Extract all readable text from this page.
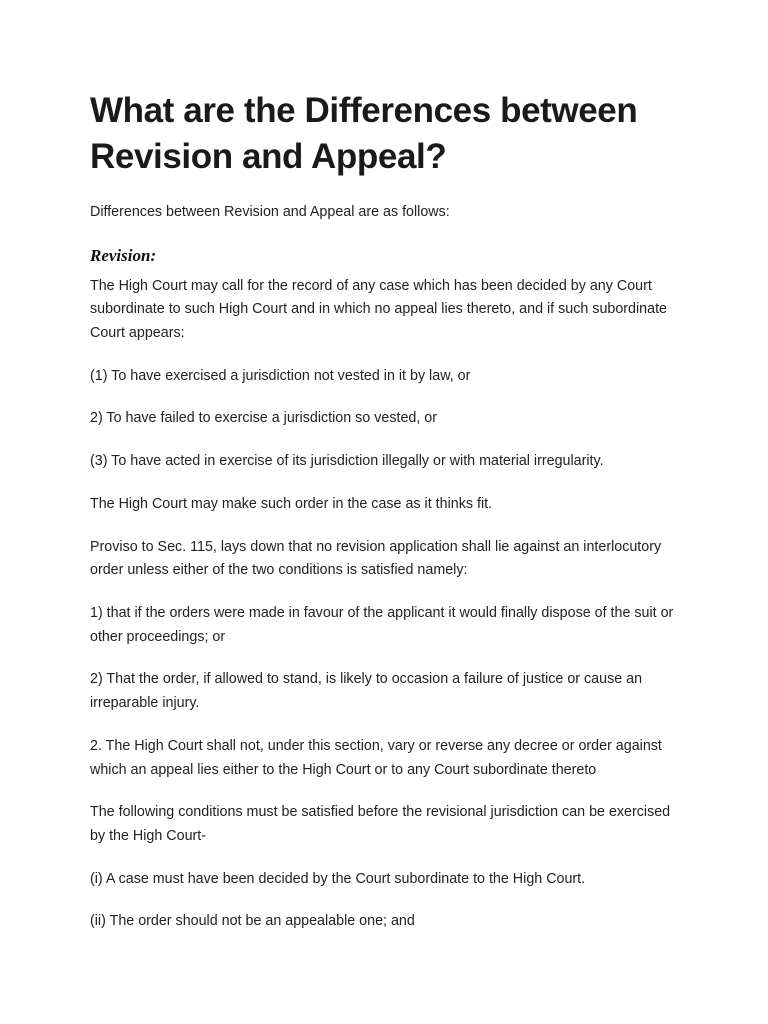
What are the Differences between Revision and Appeal?

Differences between Revision and Appeal are as follows:

Revision:

The High Court may call for the record of any case which has been decided by any Court subordinate to such High Court and in which no appeal lies thereto, and if such subordinate Court appears:

(1) To have exercised a jurisdiction not vested in it by law, or

2) To have failed to exercise a jurisdiction so vested, or

(3) To have acted in exercise of its jurisdiction illegally or with material irregularity.

The High Court may make such order in the case as it thinks fit.

Proviso to Sec. 115, lays down that no revision application shall lie against an interlocutory order unless either of the two conditions is satisfied namely:

1) that if the orders were made in favour of the applicant it would finally dispose of the suit or other proceedings; or

2) That the order, if allowed to stand, is likely to occasion a failure of justice or cause an irreparable injury.

2. The High Court shall not, under this section, vary or reverse any decree or order against which an appeal lies either to the High Court or to any Court subordinate thereto

The following conditions must be satisfied before the revisional jurisdiction can be exercised by the High Court-

(i) A case must have been decided by the Court subordinate to the High Court.

(ii) The order should not be an appealable one; and
